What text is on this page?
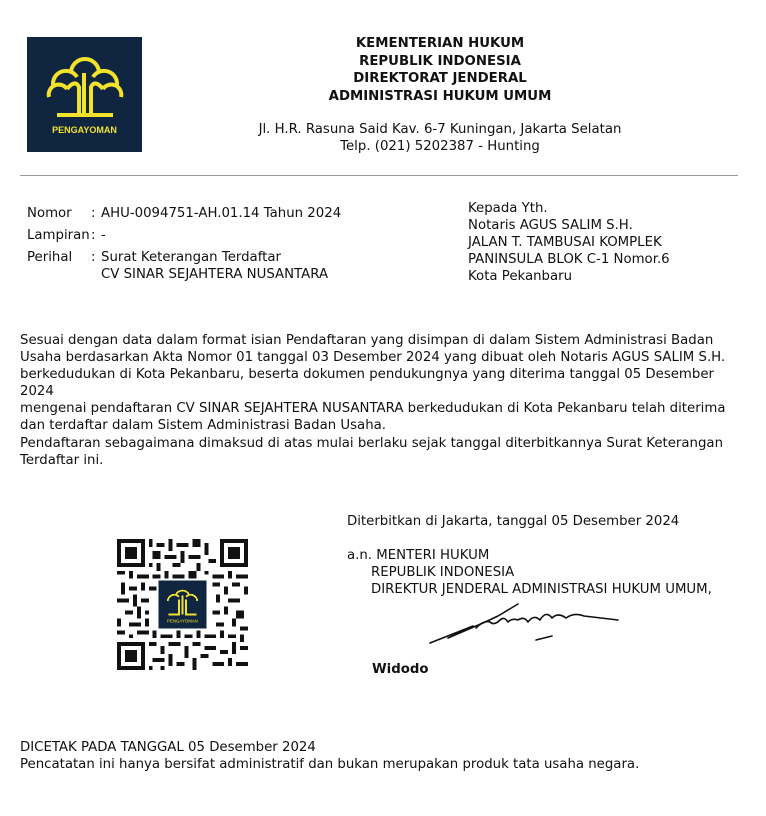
PENGAYOMAN
KEMENTERIAN HUKUM
REPUBLIK INDONESIA
DIREKTORAT JENDERAL
ADMINISTRASI HUKUM UMUM
Jl. H.R. Rasuna Said Kav. 6-7 Kuningan, Jakarta Selatan
Telp. (021) 5202387 - Hunting
Nomor	: AHU-0094751-AH.01.14 Tahun 2024
Lampiran : -
Perihal	: Surat Keterangan Terdaftar
CV SINAR SEJAHTERA NUSANTARA
Kepada Yth.
Notaris AGUS SALIM S.H.
JALAN T. TAMBUSAI KOMPLEK
PANINSULA BLOK C-1 Nomor.6
Kota Pekanbaru
Sesuai dengan data dalam format isian Pendaftaran yang disimpan di dalam Sistem Administrasi Badan
Usaha berdasarkan Akta Nomor 01 tanggal 03 Desember 2024 yang dibuat oleh Notaris AGUS SALIM S.H.
berkedudukan di Kota Pekanbaru, beserta dokumen pendukungnya yang diterima tanggal 05 Desember 2024
mengenai pendaftaran CV SINAR SEJAHTERA NUSANTARA berkedudukan di Kota Pekanbaru telah diterima
dan terdaftar dalam Sistem Administrasi Badan Usaha.
Pendaftaran sebagaimana dimaksud di atas mulai berlaku sejak tanggal diterbitkannya Surat Keterangan
Terdaftar ini.
PENGAYOMAN
Diterbitkan di Jakarta, tanggal 05 Desember 2024
a.n. MENTERI HUKUM
REPUBLIK INDONESIA
DIREKTUR JENDERAL ADMINISTRASI HUKUM UMUM,
Widodo
DICETAK PADA TANGGAL 05 Desember 2024
Pencatatan ini hanya bersifat administratif dan bukan merupakan produk tata usaha negara.
